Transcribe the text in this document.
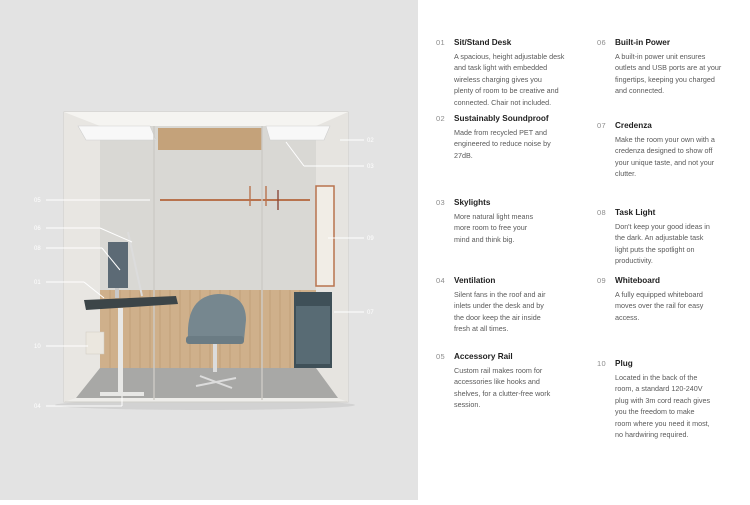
05
06
08
01
10
04
02
03
09
07
01	Sit/Stand Desk
A spacious, height adjustable desk
and task light with embedded
wireless charging gives you
plenty of room to be creative and
connected. Chair not included.
02	Sustainably Soundproof
Made from recycled PET and
engineered to reduce noise by
27dB.
03	Skylights
More natural light means
more room to free your
mind and think big.
04	Ventilation
Silent fans in the roof and air
inlets under the desk and by
the door keep the air inside
fresh at all times.
05	Accessory Rail
Custom rail makes room for
accessories like hooks and
shelves, for a clutter-free work
session.
06	Built-in Power
A built-in power unit ensures
outlets and USB ports are at your
fingertips, keeping you charged
and connected.
07	Credenza
Make the room your own with a
credenza designed to show off
your unique taste, and not your
clutter.
08	Task Light
Don't keep your good ideas in
the dark. An adjustable task
light puts the spotlight on
productivity.
09	Whiteboard
A fully equipped whiteboard
moves over the rail for easy
access.
10	Plug
Located in the back of the
room, a standard 120-240V
plug with 3m cord reach gives
you the freedom to make
room where you need it most,
no hardwiring required.
